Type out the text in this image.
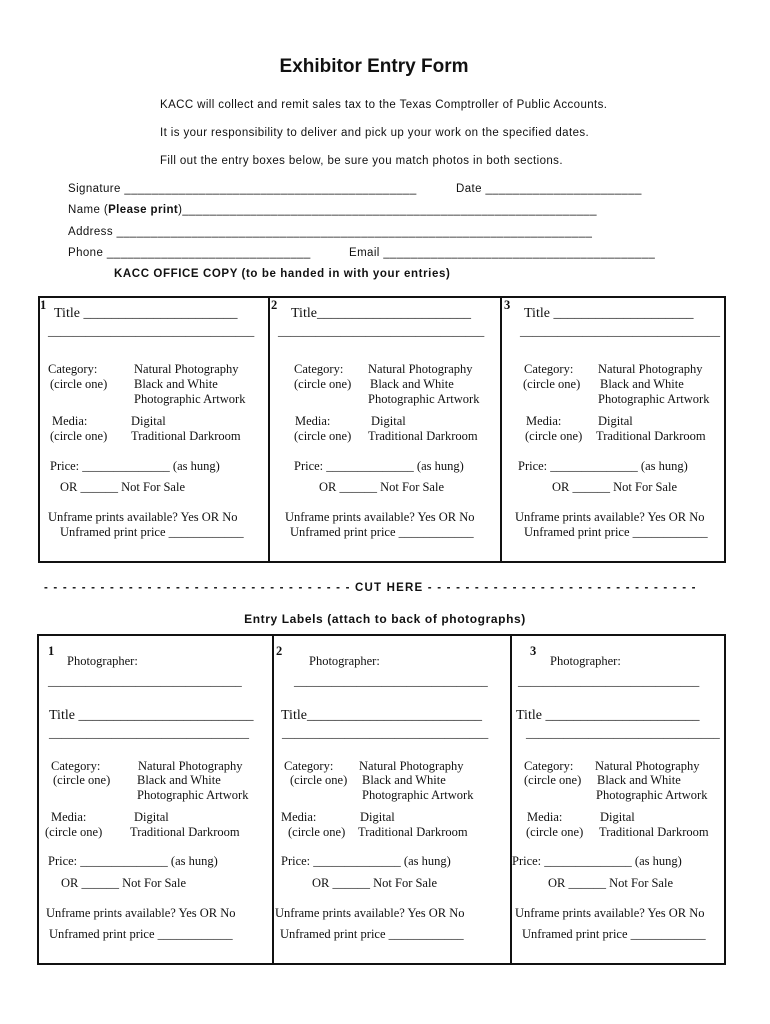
Exhibitor Entry Form
KACC will collect and remit sales tax to the Texas Comptroller of Public Accounts.
It is your responsibility to deliver and pick up your work on the specified dates.
Fill out the entry boxes below, be sure you match photos in both sections.
Signature ___________________________________________	Date _______________________
Name (Please print)_____________________________________________________________
Address ______________________________________________________________________
Phone ______________________________	Email ________________________________________
KACC OFFICE COPY (to be handed in with your entries)
1
Title ______________________
_________________________________
Category:
(circle one)
Natural Photography
Black and White
Photographic Artwork
Media:
(circle one)
Digital
Traditional Darkroom
Price: ______________ (as hung)
OR ______ Not For Sale
Unframe prints available? Yes OR No
Unframed print price ____________
2
Title______________________
_________________________________
Category:
(circle one)
Natural Photography
Black and White
Photographic Artwork
Media:
(circle one)
Digital
Traditional Darkroom
Price: ______________ (as hung)
OR ______ Not For Sale
Unframe prints available? Yes OR No
Unframed print price ____________
3
Title ____________________
________________________________
Category:
(circle one)
Natural Photography
Black and White
Photographic Artwork
Media:
(circle one)
Digital
Traditional Darkroom
Price: ______________ (as hung)
OR ______ Not For Sale
Unframe prints available? Yes OR No
Unframed print price ____________
- - - - - - - - - - - - - - - - - - - - - - - - - - - - - - - - - CUT HERE - - - - - - - - - - - - - - - - - - - - - - - - - - - - -
Entry Labels (attach to back of photographs)
1
Photographer:
_______________________________
Title _________________________
________________________________
Category:
(circle one)
Natural Photography
Black and White
Photographic Artwork
Media:
(circle one)
Digital
Traditional Darkroom
Price: ______________ (as hung)
OR ______ Not For Sale
Unframe prints available? Yes OR No
Unframed print price ____________
2
Photographer:
_______________________________
Title_________________________
_________________________________
Category:
(circle one)
Natural Photography
Black and White
Photographic Artwork
Media:
(circle one)
Digital
Traditional Darkroom
Price: ______________ (as hung)
OR ______ Not For Sale
Unframe prints available? Yes OR No
Unframed print price ____________
3
Photographer:
_____________________________
Title ______________________
_______________________________
Category:
(circle one)
Natural Photography
Black and White
Photographic Artwork
Media:
(circle one)
Digital
Traditional Darkroom
Price: ______________ (as hung)
OR ______ Not For Sale
Unframe prints available? Yes OR No
Unframed print price ____________
